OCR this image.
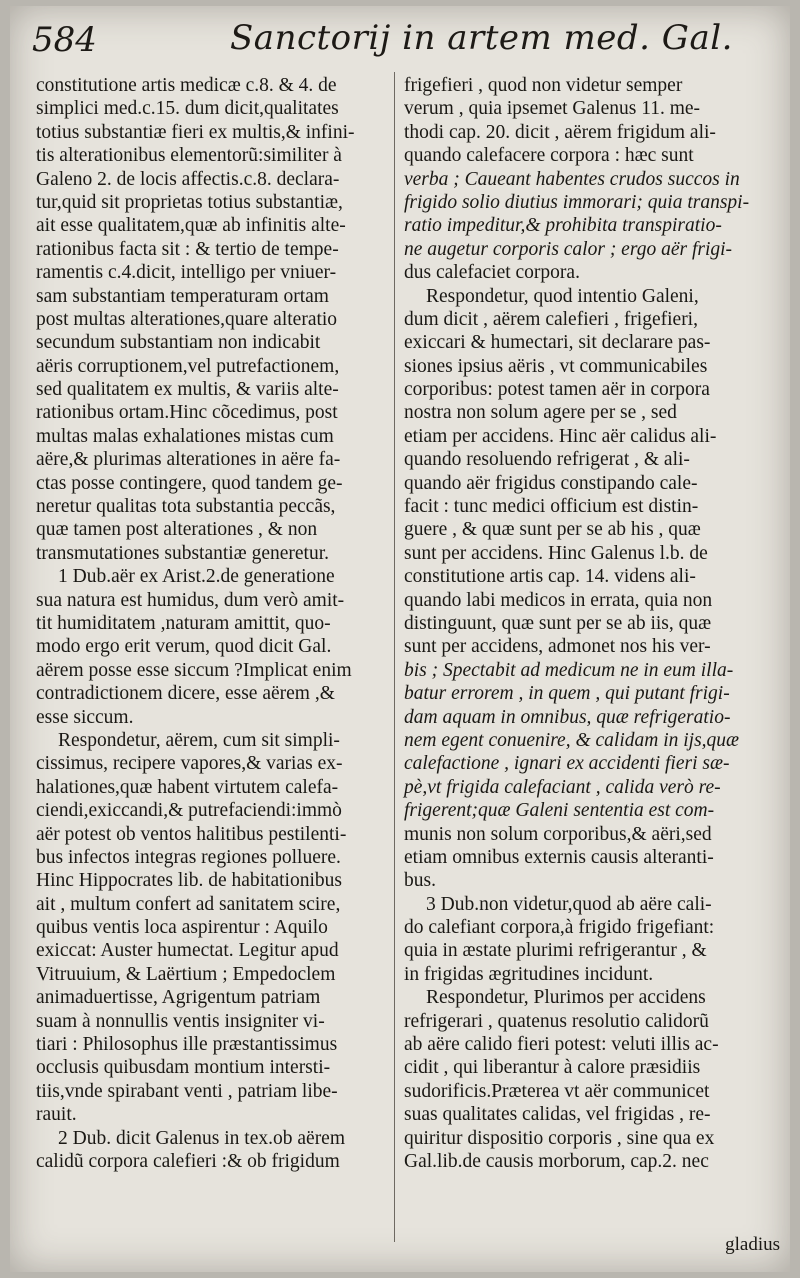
584	Sanctorij in artem med. Gal.
constitutione artis medicæ c.8. & 4. de
simplici med.c.15. dum dicit,qualitates
totius substantiæ fieri ex multis,& infini-
tis alterationibus elementorũ:similiter à
Galeno 2. de locis affectis.c.8. declara-
tur,quid sit proprietas totius substantiæ,
ait esse qualitatem,quæ ab infinitis alte-
rationibus facta sit : & tertio de tempe-
ramentis c.4.dicit, intelligo per vniuer-
sam substantiam temperaturam ortam
post multas alterationes,quare alteratio
secundum substantiam non indicabit
aëris corruptionem,vel putrefactionem,
sed qualitatem ex multis, & variis alte-
rationibus ortam.Hinc cõcedimus, post
multas malas exhalationes mistas cum
aëre,& plurimas alterationes in aëre fa-
ctas posse contingere, quod tandem ge-
neretur qualitas tota substantia peccãs,
quæ tamen post alterationes , & non
transmutationes substantiæ generetur.
1 Dub.aër ex Arist.2.de generatione
sua natura est humidus, dum verò amit-
tit humiditatem ,naturam amittit, quo-
modo ergo erit verum, quod dicit Gal.
aërem posse esse siccum ?Implicat enim
contradictionem dicere, esse aërem ,&
esse siccum.
Respondetur, aërem, cum sit simpli-
cissimus, recipere vapores,& varias ex-
halationes,quæ habent virtutem calefa-
ciendi,exiccandi,& putrefaciendi:immò
aër potest ob ventos halitibus pestilenti-
bus infectos integras regiones polluere.
Hinc Hippocrates lib. de habitationibus
ait , multum confert ad sanitatem scire,
quibus ventis loca aspirentur : Aquilo
exiccat: Auster humectat. Legitur apud
Vitruuium, & Laërtium ; Empedoclem
animaduertisse, Agrigentum patriam
suam à nonnullis ventis insigniter vi-
tiari : Philosophus ille præstantissimus
occlusis quibusdam montium intersti-
tiis,vnde spirabant venti , patriam libe-
rauit.
2 Dub. dicit Galenus in tex.ob aërem
calidũ corpora calefieri :& ob frigidum
frigefieri , quod non videtur semper
verum , quia ipsemet Galenus 11. me-
thodi cap. 20. dicit , aërem frigidum ali-
quando calefacere corpora : hæc sunt
verba ; Caueant habentes crudos succos in
frigido solio diutius immorari; quia transpi-
ratio impeditur,& prohibita transpiratio-
ne augetur corporis calor ; ergo aër frigi-
dus calefaciet corpora.
Respondetur, quod intentio Galeni,
dum dicit , aërem calefieri , frigefieri,
exiccari & humectari, sit declarare pas-
siones ipsius aëris , vt communicabiles
corporibus: potest tamen aër in corpora
nostra non solum agere per se , sed
etiam per accidens. Hinc aër calidus ali-
quando resoluendo refrigerat , & ali-
quando aër frigidus constipando cale-
facit : tunc medici officium est distin-
guere , & quæ sunt per se ab his , quæ
sunt per accidens. Hinc Galenus l.b. de
constitutione artis cap. 14. videns ali-
quando labi medicos in errata, quia non
distinguunt, quæ sunt per se ab iis, quæ
sunt per accidens, admonet nos his ver-
bis ; Spectabit ad medicum ne in eum illa-
batur errorem , in quem , qui putant frigi-
dam aquam in omnibus, quæ refrigeratio-
nem egent conuenire, & calidam in ijs,quæ
calefactione , ignari ex accidenti fieri sæ-
pè,vt frigida calefaciant , calida verò re-
frigerent;quæ Galeni sententia est com-
munis non solum corporibus,& aëri,sed
etiam omnibus externis causis alteranti-
bus.
3 Dub.non videtur,quod ab aëre cali-
do calefiant corpora,à frigido frigefiant:
quia in æstate plurimi refrigerantur , &
in frigidas ægritudines incidunt.
Respondetur, Plurimos per accidens
refrigerari , quatenus resolutio calidorũ
ab aëre calido fieri potest: veluti illis ac-
cidit , qui liberantur à calore præsidiis
sudorificis.Præterea vt aër communicet
suas qualitates calidas, vel frigidas , re-
quiritur dispositio corporis , sine qua ex
Gal.lib.de causis morborum, cap.2. nec
gladius
